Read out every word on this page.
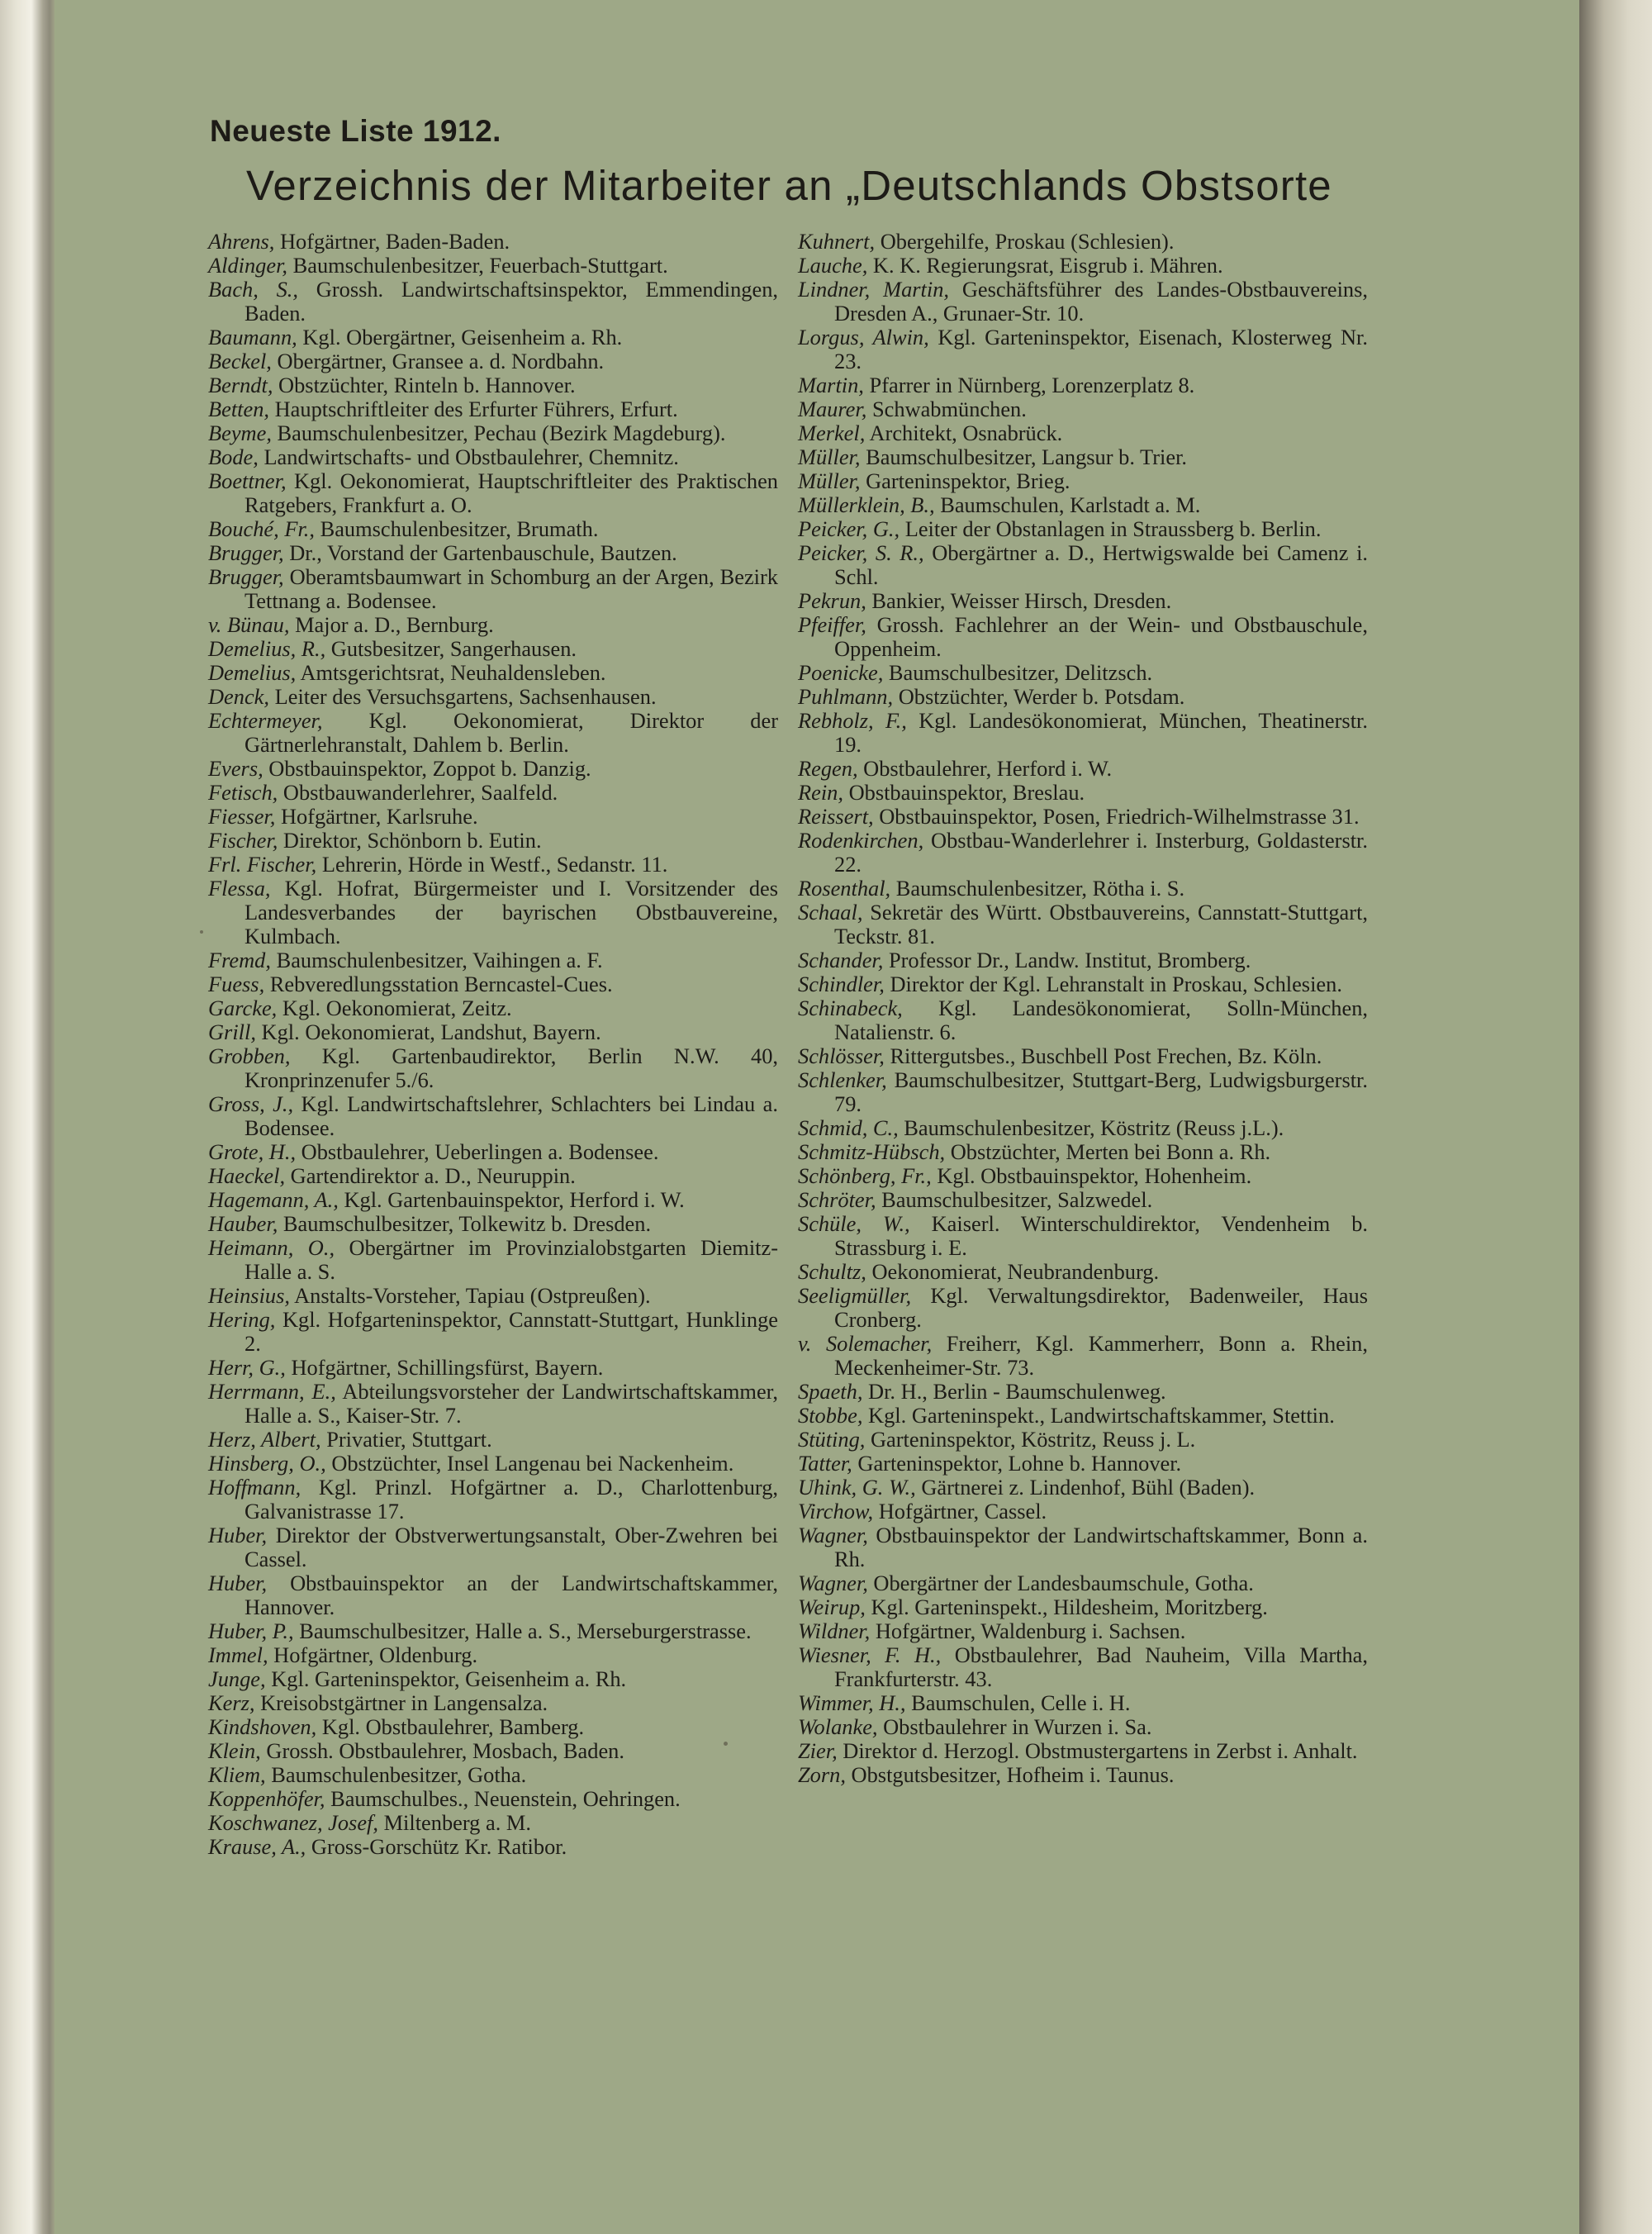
Neueste Liste 1912.
Verzeichnis der Mitarbeiter an „Deutschlands Obstsorte

Ahrens, Hofgärtner, Baden-Baden.

Aldinger, Baumschulenbesitzer, Feuerbach-Stuttgart.

Bach, S., Grossh. Landwirtschaftsinspektor, Emmendingen, Baden.

Baumann, Kgl. Obergärtner, Geisenheim a. Rh.

Beckel, Obergärtner, Gransee a. d. Nordbahn.

Berndt, Obstzüchter, Rinteln b. Hannover.

Betten, Hauptschriftleiter des Erfurter Führers, Erfurt.

Beyme, Baumschulenbesitzer, Pechau (Bezirk Magdeburg).

Bode, Landwirtschafts- und Obstbaulehrer, Chemnitz.

Boettner, Kgl. Oekonomierat, Hauptschriftleiter des Praktischen Ratgebers, Frankfurt a. O.

Bouché, Fr., Baumschulenbesitzer, Brumath.

Brugger, Dr., Vorstand der Gartenbauschule, Bautzen.

Brugger, Oberamtsbaumwart in Schomburg an der Argen, Bezirk Tettnang a. Bodensee.

v. Bünau, Major a. D., Bernburg.

Demelius, R., Gutsbesitzer, Sangerhausen.

Demelius, Amtsgerichtsrat, Neuhaldensleben.

Denck, Leiter des Versuchsgartens, Sachsenhausen.

Echtermeyer, Kgl. Oekonomierat, Direktor der Gärtnerlehranstalt, Dahlem b. Berlin.

Evers, Obstbauinspektor, Zoppot b. Danzig.

Fetisch, Obstbauwanderlehrer, Saalfeld.

Fiesser, Hofgärtner, Karlsruhe.

Fischer, Direktor, Schönborn b. Eutin.

Frl. Fischer, Lehrerin, Hörde in Westf., Sedanstr. 11.

Flessa, Kgl. Hofrat, Bürgermeister und I. Vorsitzender des Landesverbandes der bayrischen Obstbauvereine, Kulmbach.

Fremd, Baumschulenbesitzer, Vaihingen a. F.

Fuess, Rebveredlungsstation Berncastel-Cues.

Garcke, Kgl. Oekonomierat, Zeitz.

Grill, Kgl. Oekonomierat, Landshut, Bayern.

Grobben, Kgl. Gartenbaudirektor, Berlin N.W. 40, Kronprinzenufer 5./6.

Gross, J., Kgl. Landwirtschaftslehrer, Schlachters bei Lindau a. Bodensee.

Grote, H., Obstbaulehrer, Ueberlingen a. Bodensee.

Haeckel, Gartendirektor a. D., Neuruppin.

Hagemann, A., Kgl. Gartenbauinspektor, Herford i. W.

Hauber, Baumschulbesitzer, Tolkewitz b. Dresden.

Heimann, O., Obergärtner im Provinzialobstgarten Diemitz-Halle a. S.

Heinsius, Anstalts-Vorsteher, Tapiau (Ostpreußen).

Hering, Kgl. Hofgarteninspektor, Cannstatt-Stuttgart, Hunklinge 2.

Herr, G., Hofgärtner, Schillingsfürst, Bayern.

Herrmann, E., Abteilungsvorsteher der Landwirtschaftskammer, Halle a. S., Kaiser-Str. 7.

Herz, Albert, Privatier, Stuttgart.

Hinsberg, O., Obstzüchter, Insel Langenau bei Nackenheim.

Hoffmann, Kgl. Prinzl. Hofgärtner a. D., Charlottenburg, Galvanistrasse 17.

Huber, Direktor der Obstverwertungsanstalt, Ober-Zwehren bei Cassel.

Huber, Obstbauinspektor an der Landwirtschaftskammer, Hannover.

Huber, P., Baumschulbesitzer, Halle a. S., Merseburgerstrasse.

Immel, Hofgärtner, Oldenburg.

Junge, Kgl. Garteninspektor, Geisenheim a. Rh.

Kerz, Kreisobstgärtner in Langensalza.

Kindshoven, Kgl. Obstbaulehrer, Bamberg.

Klein, Grossh. Obstbaulehrer, Mosbach, Baden.

Kliem, Baumschulenbesitzer, Gotha.

Koppenhöfer, Baumschulbes., Neuenstein, Oehringen.

Koschwanez, Josef, Miltenberg a. M.

Krause, A., Gross-Gorschütz Kr. Ratibor.

Kuhnert, Obergehilfe, Proskau (Schlesien).

Lauche, K. K. Regierungsrat, Eisgrub i. Mähren.

Lindner, Martin, Geschäftsführer des Landes-Obstbauvereins, Dresden A., Grunaer-Str. 10.

Lorgus, Alwin, Kgl. Garteninspektor, Eisenach, Klosterweg Nr. 23.

Martin, Pfarrer in Nürnberg, Lorenzerplatz 8.

Maurer, Schwabmünchen.

Merkel, Architekt, Osnabrück.

Müller, Baumschulbesitzer, Langsur b. Trier.

Müller, Garteninspektor, Brieg.

Müllerklein, B., Baumschulen, Karlstadt a. M.

Peicker, G., Leiter der Obstanlagen in Straussberg b. Berlin.

Peicker, S. R., Obergärtner a. D., Hertwigswalde bei Camenz i. Schl.

Pekrun, Bankier, Weisser Hirsch, Dresden.

Pfeiffer, Grossh. Fachlehrer an der Wein- und Obstbauschule, Oppenheim.

Poenicke, Baumschulbesitzer, Delitzsch.

Puhlmann, Obstzüchter, Werder b. Potsdam.

Rebholz, F., Kgl. Landesökonomierat, München, Theatinerstr. 19.

Regen, Obstbaulehrer, Herford i. W.

Rein, Obstbauinspektor, Breslau.

Reissert, Obstbauinspektor, Posen, Friedrich-Wilhelmstrasse 31.

Rodenkirchen, Obstbau-Wanderlehrer i. Insterburg, Goldasterstr. 22.

Rosenthal, Baumschulenbesitzer, Rötha i. S.

Schaal, Sekretär des Württ. Obstbauvereins, Cannstatt-Stuttgart, Teckstr. 81.

Schander, Professor Dr., Landw. Institut, Bromberg.

Schindler, Direktor der Kgl. Lehranstalt in Proskau, Schlesien.

Schinabeck, Kgl. Landesökonomierat, Solln-München, Natalienstr. 6.

Schlösser, Rittergutsbes., Buschbell Post Frechen, Bz. Köln.

Schlenker, Baumschulbesitzer, Stuttgart-Berg, Ludwigsburgerstr. 79.

Schmid, C., Baumschulenbesitzer, Köstritz (Reuss j.L.).

Schmitz-Hübsch, Obstzüchter, Merten bei Bonn a. Rh.

Schönberg, Fr., Kgl. Obstbauinspektor, Hohenheim.

Schröter, Baumschulbesitzer, Salzwedel.

Schüle, W., Kaiserl. Winterschuldirektor, Vendenheim b. Strassburg i. E.

Schultz, Oekonomierat, Neubrandenburg.

Seeligmüller, Kgl. Verwaltungsdirektor, Badenweiler, Haus Cronberg.

v. Solemacher, Freiherr, Kgl. Kammerherr, Bonn a. Rhein, Meckenheimer-Str. 73.

Spaeth, Dr. H., Berlin - Baumschulenweg.

Stobbe, Kgl. Garteninspekt., Landwirtschaftskammer, Stettin.

Stüting, Garteninspektor, Köstritz, Reuss j. L.

Tatter, Garteninspektor, Lohne b. Hannover.

Uhink, G. W., Gärtnerei z. Lindenhof, Bühl (Baden).

Virchow, Hofgärtner, Cassel.

Wagner, Obstbauinspektor der Landwirtschaftskammer, Bonn a. Rh.

Wagner, Obergärtner der Landesbaumschule, Gotha.

Weirup, Kgl. Garteninspekt., Hildesheim, Moritzberg.

Wildner, Hofgärtner, Waldenburg i. Sachsen.

Wiesner, F. H., Obstbaulehrer, Bad Nauheim, Villa Martha, Frankfurterstr. 43.

Wimmer, H., Baumschulen, Celle i. H.

Wolanke, Obstbaulehrer in Wurzen i. Sa.

Zier, Direktor d. Herzogl. Obstmustergartens in Zerbst i. Anhalt.

Zorn, Obstgutsbesitzer, Hofheim i. Taunus.
